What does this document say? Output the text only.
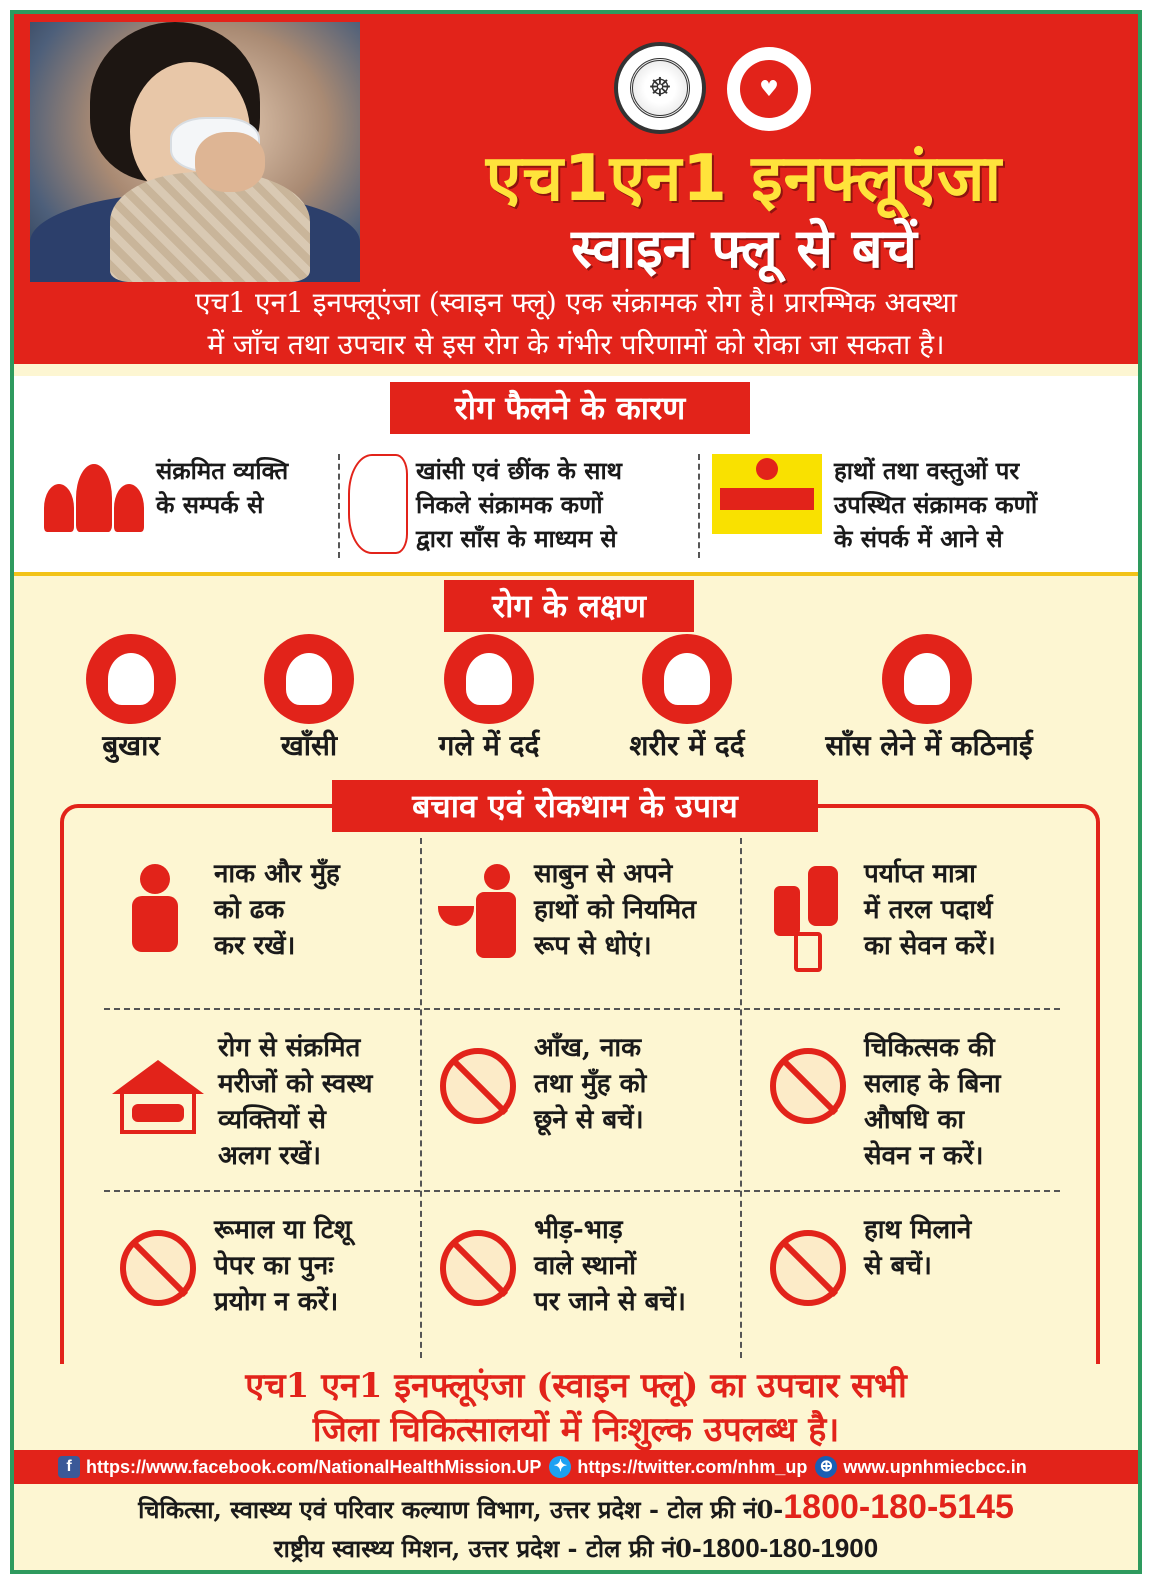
☸	♥
एच1एन1 इनफ्लूएंजा
स्वाइन फ्लू से बचें
एच1 एन1 इनफ्लूएंजा (स्वाइन फ्लू) एक संक्रामक रोग है। प्रारम्भिक अवस्था
में जाँच तथा उपचार से इस रोग के गंभीर परिणामों को रोका जा सकता है।
रोग फैलने के कारण
संक्रमित व्यक्ति
के सम्पर्क से
खांसी एवं छींक के साथ
निकले संक्रामक कणों
द्वारा साँस के माध्यम से
हाथों तथा वस्तुओं पर
उपस्थित संक्रामक कणों
के संपर्क में आने से
रोग के लक्षण
बुखार	खाँसी	गले में दर्द	शरीर में दर्द	साँस लेने में कठिनाई
नाक और मुँह
को ढक
कर रखें।
साबुन से अपने
हाथों को नियमित
रूप से धोएं।
पर्याप्त मात्रा
में तरल पदार्थ
का सेवन करें।
रोग से संक्रमित
मरीजों को स्वस्थ
व्यक्तियों से
अलग रखें।
आँख, नाक
तथा मुँह को
छूने से बचें।
चिकित्सक की
सलाह के बिना
औषधि का
सेवन न करें।
रूमाल या टिशू
पेपर का पुनः
प्रयोग न करें।
भीड़-भाड़
वाले स्थानों
पर जाने से बचें।
हाथ मिलाने
से बचें।
बचाव एवं रोकथाम के उपाय
एच1 एन1 इनफ्लूएंजा (स्वाइन फ्लू) का उपचार सभी
जिला चिकित्सालयों में निःशुल्क उपलब्ध है।
f https://www.facebook.com/NationalHealthMission.UP ✦ https://twitter.com/nhm_up ⊕ www.upnhmiecbcc.in
चिकित्सा, स्वास्थ्य एवं परिवार कल्याण विभाग, उत्तर प्रदेश - टोल फ्री नं0-1800-180-5145
राष्ट्रीय स्वास्थ्य मिशन, उत्तर प्रदेश - टोल फ्री नं0-1800-180-1900
